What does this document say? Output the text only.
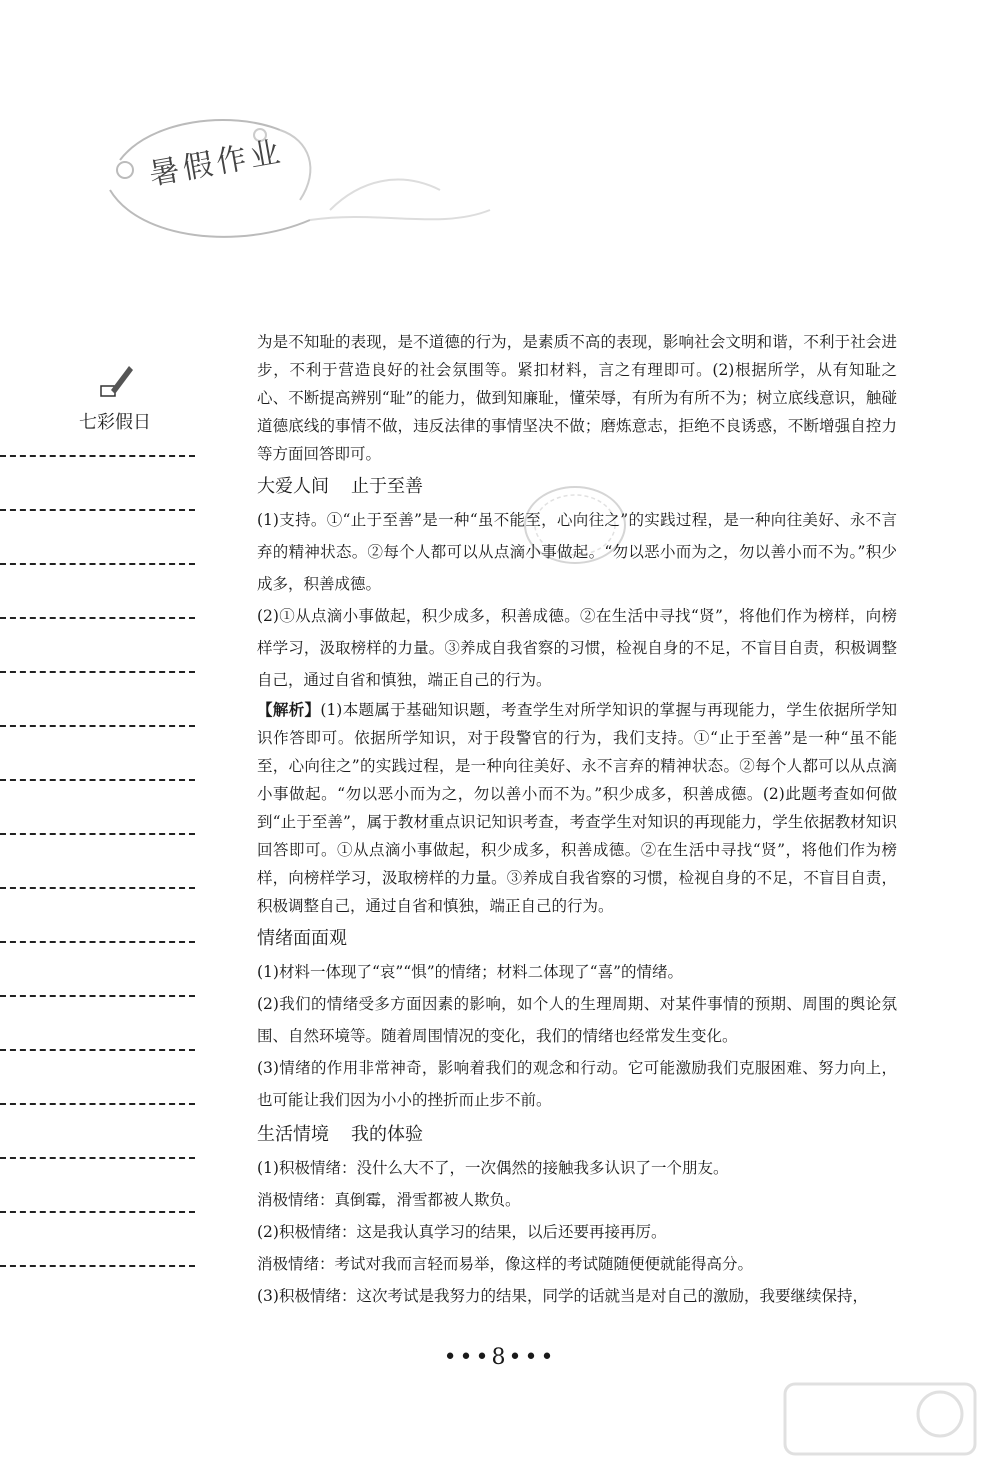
暑假作业
七彩假日

为是不知耻的表现，是不道德的行为，是素质不高的表现，影响社会文明和谐，不利于社会进步，不利于营造良好的社会氛围等。紧扣材料，言之有理即可。(2)根据所学，从有知耻之心、不断提高辨别“耻”的能力，做到知廉耻，懂荣辱，有所为有所不为；树立底线意识，触碰道德底线的事情不做，违反法律的事情坚决不做；磨炼意志，拒绝不良诱惑，不断增强自控力等方面回答即可。

大爱人间 止于至善

(1)支持。①“止于至善”是一种“虽不能至，心向往之”的实践过程，是一种向往美好、永不言弃的精神状态。②每个人都可以从点滴小事做起。“勿以恶小而为之，勿以善小而不为。”积少成多，积善成德。

(2)①从点滴小事做起，积少成多，积善成德。②在生活中寻找“贤”，将他们作为榜样，向榜样学习，汲取榜样的力量。③养成自我省察的习惯，检视自身的不足，不盲目自责，积极调整自己，通过自省和慎独，端正自己的行为。

【解析】(1)本题属于基础知识题，考查学生对所学知识的掌握与再现能力，学生依据所学知识作答即可。依据所学知识，对于段警官的行为，我们支持。①“止于至善”是一种“虽不能至，心向往之”的实践过程，是一种向往美好、永不言弃的精神状态。②每个人都可以从点滴小事做起。“勿以恶小而为之，勿以善小而不为。”积少成多，积善成德。(2)此题考查如何做到“止于至善”，属于教材重点识记知识考查，考查学生对知识的再现能力，学生依据教材知识回答即可。①从点滴小事做起，积少成多，积善成德。②在生活中寻找“贤”，将他们作为榜样，向榜样学习，汲取榜样的力量。③养成自我省察的习惯，检视自身的不足，不盲目自责，积极调整自己，通过自省和慎独，端正自己的行为。

情绪面面观

(1)材料一体现了“哀”“惧”的情绪；材料二体现了“喜”的情绪。

(2)我们的情绪受多方面因素的影响，如个人的生理周期、对某件事情的预期、周围的舆论氛围、自然环境等。随着周围情况的变化，我们的情绪也经常发生变化。

(3)情绪的作用非常神奇，影响着我们的观念和行动。它可能激励我们克服困难、努力向上，也可能让我们因为小小的挫折而止步不前。

生活情境 我的体验

(1)积极情绪：没什么大不了，一次偶然的接触我多认识了一个朋友。

消极情绪：真倒霉，滑雪都被人欺负。

(2)积极情绪：这是我认真学习的结果，以后还要再接再厉。

消极情绪：考试对我而言轻而易举，像这样的考试随随便便就能得高分。

(3)积极情绪：这次考试是我努力的结果，同学的话就当是对自己的激励，我要继续保持，

•••8•••
